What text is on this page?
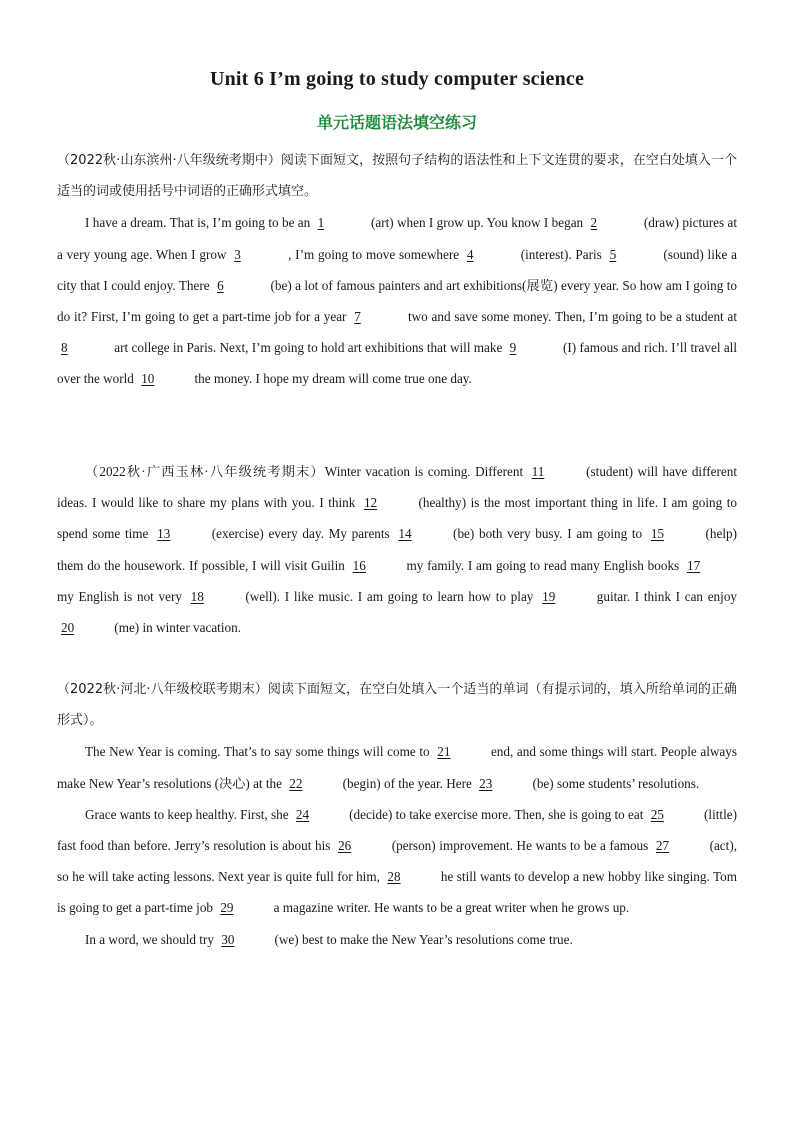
Unit 6 I’m going to study computer science
单元话题语法填空练习

（2022秋·山东滨州·八年级统考期中）阅读下面短文，按照句子结构的语法性和上下文连贯的要求，在空白处填入一个适当的词或使用括号中词语的正确形式填空。

I have a dream. That is, I’m going to be an 1	(art) when I grow up. You know I began 2	(draw) pictures at a very young age. When I grow 3	, I’m going to move somewhere 4	(interest). Paris 5	(sound) like a city that I could enjoy. There 6	(be) a lot of famous painters and art exhibitions(展览) every year. So how am I going to do it? First, I’m going to get a part-time job for a year 7	two and save some money. Then, I’m going to be a student at 8	art college in Paris. Next, I’m going to hold art exhibitions that will make 9	(I) famous and rich. I’ll travel all over the world 10	the money. I hope my dream will come true one day.

（2022秋·广西玉林·八年级统考期末）Winter vacation is coming. Different 11	(student) will have different ideas. I would like to share my plans with you. I think 12	(healthy) is the most important thing in life. I am going to spend some time 13	(exercise) every day. My parents 14	(be) both very busy. I am going to 15	(help) them do the housework. If possible, I will visit Guilin 16	my family. I am going to read many English books 17 my English is not very 18	(well). I like music. I am going to learn how to play 19	guitar. I think I can enjoy 20	(me) in winter vacation.

（2022秋·河北·八年级校联考期末）阅读下面短文，在空白处填入一个适当的单词（有提示词的，填入所给单词的正确形式）。

The New Year is coming. That’s to say some things will come to 21	end, and some things will start. People always make New Year’s resolutions (决心) at the 22	(begin) of the year. Here 23	(be) some students’ resolutions.

Grace wants to keep healthy. First, she 24	(decide) to take exercise more. Then, she is going to eat 25	(little) fast food than before. Jerry’s resolution is about his 26	(person) improvement. He wants to be a famous 27	(act), so he will take acting lessons. Next year is quite full for him, 28	he still wants to develop a new hobby like singing. Tom is going to get a part-time job 29	a magazine writer. He wants to be a great writer when he grows up.

In a word, we should try 30	(we) best to make the New Year’s resolutions come true.
